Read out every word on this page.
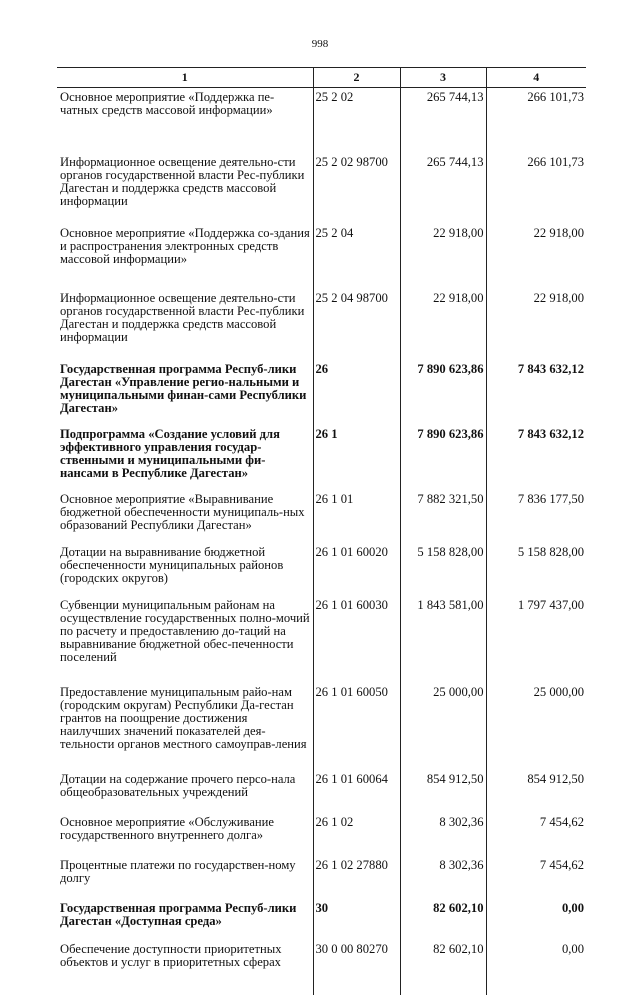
998
1	2	3	4
Основное мероприятие «Поддержка пе-чатных средств массовой информации»	25 2 02	265 744,13	266 101,73
Информационное освещение деятельно-сти органов государственной власти Рес-публики Дагестан и поддержка средств массовой информации	25 2 02 98700	265 744,13	266 101,73
Основное мероприятие «Поддержка со-здания и распространения электронных средств массовой информации»	25 2 04	22 918,00	22 918,00
Информационное освещение деятельно-сти органов государственной власти Рес-публики Дагестан и поддержка средств массовой информации	25 2 04 98700	22 918,00	22 918,00
Государственная программа Респуб-лики Дагестан «Управление регио-нальными и муниципальными финан-сами Республики Дагестан»	26	7 890 623,86	7 843 632,12
Подпрограмма «Создание условий для эффективного управления государ-ственными и муниципальными фи-нансами в Республике Дагестан»	26 1	7 890 623,86	7 843 632,12
Основное мероприятие «Выравнивание бюджетной обеспеченности муниципаль-ных образований Республики Дагестан»	26 1 01	7 882 321,50	7 836 177,50
Дотации на выравнивание бюджетной обеспеченности муниципальных районов (городских округов)	26 1 01 60020	5 158 828,00	5 158 828,00
Субвенции муниципальным районам на осуществление государственных полно-мочий по расчету и предоставлению до-таций на выравнивание бюджетной обес-печенности поселений	26 1 01 60030	1 843 581,00	1 797 437,00
Предоставление муниципальным райо-нам (городским округам) Республики Да-гестан грантов на поощрение достижения наилучших значений показателей дея-тельности органов местного самоупрaв-ления	26 1 01 60050	25 000,00	25 000,00
Дотации на содержание прочего персо-нала общеобразовательных учреждений	26 1 01 60064	854 912,50	854 912,50
Основное мероприятие «Обслуживание государственного внутреннего долга»	26 1 02	8 302,36	7 454,62
Процентные платежи по государствен-ному долгу	26 1 02 27880	8 302,36	7 454,62
Государственная программа Респуб-лики Дагестан «Доступная среда»	30	82 602,10	0,00
Обеспечение доступности приоритетных объектов и услуг в приоритетных сферах	30 0 00 80270	82 602,10	0,00
